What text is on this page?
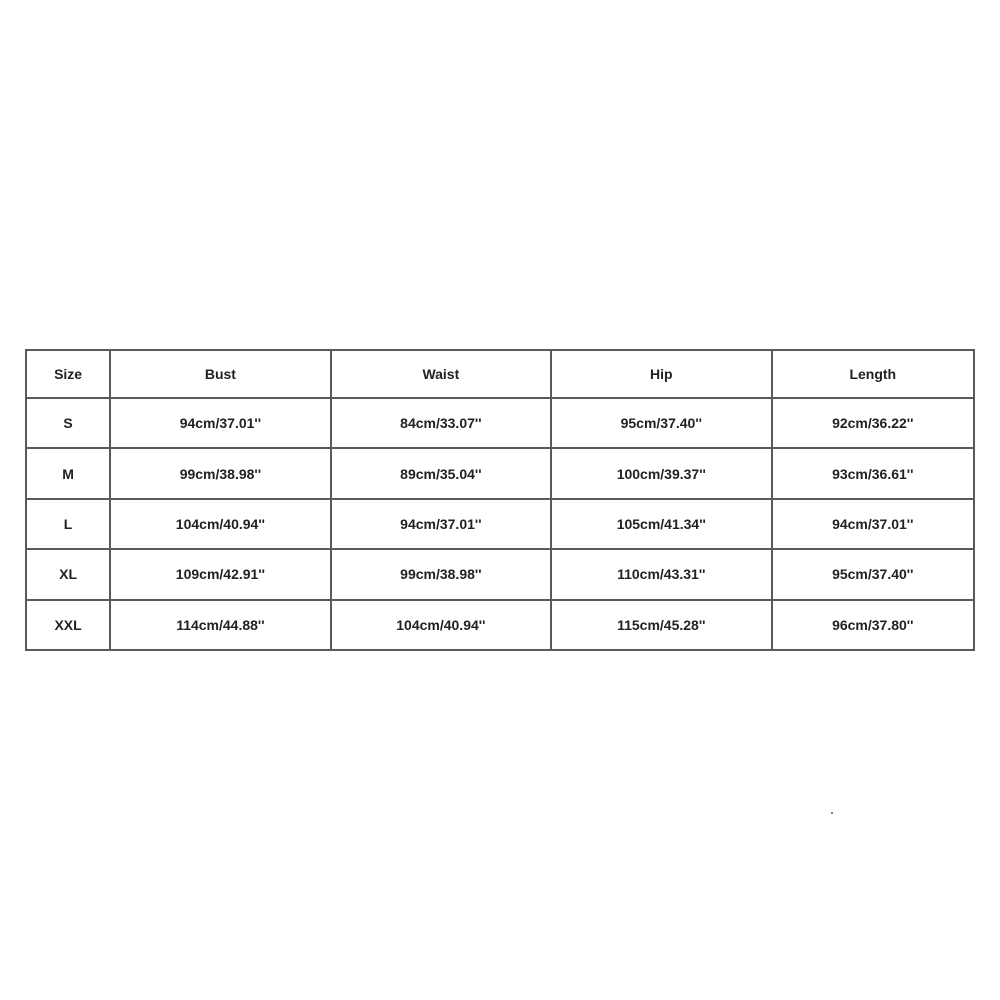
Size	Bust	Waist	Hip	Length
S	94cm/37.01''	84cm/33.07''	95cm/37.40''	92cm/36.22''
M	99cm/38.98''	89cm/35.04''	100cm/39.37''	93cm/36.61''
L	104cm/40.94''	94cm/37.01''	105cm/41.34''	94cm/37.01''
XL	109cm/42.91''	99cm/38.98''	110cm/43.31''	95cm/37.40''
XXL	114cm/44.88''	104cm/40.94''	115cm/45.28''	96cm/37.80''
